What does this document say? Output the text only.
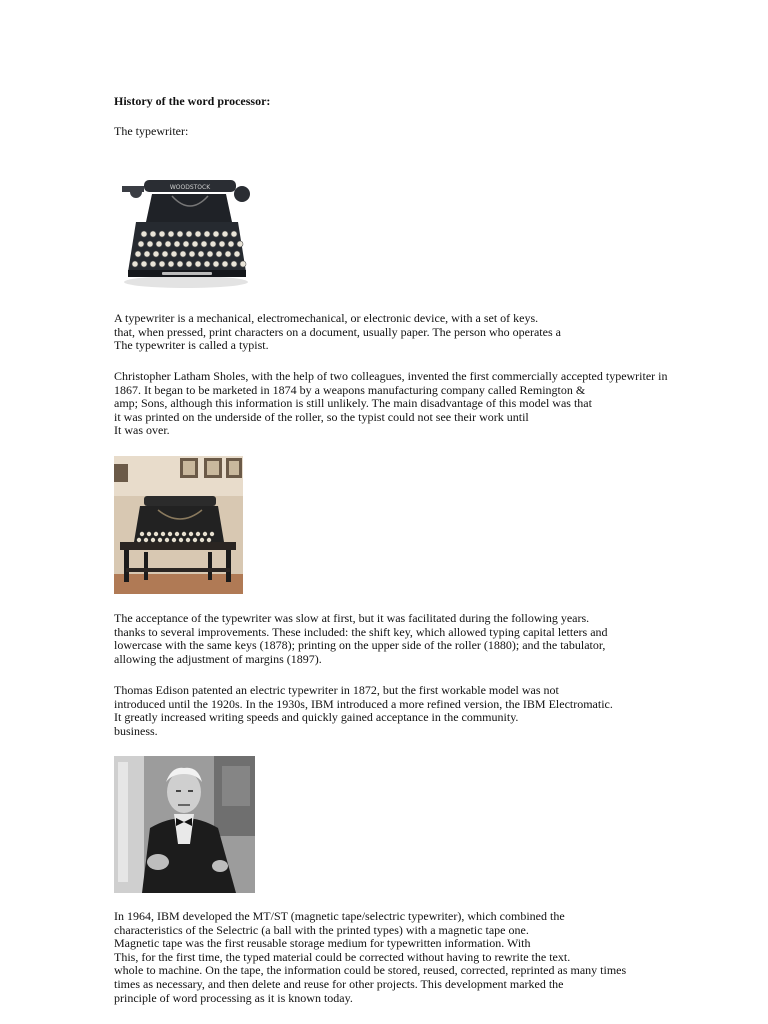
History of the word processor:
The typewriter:
WOODSTOCK
A typewriter is a mechanical, electromechanical, or electronic device, with a set of keys.
that, when pressed, print characters on a document, usually paper. The person who operates a
The typewriter is called a typist.
Christopher Latham Sholes, with the help of two colleagues, invented the first commercially accepted typewriter in
1867. It began to be marketed in 1874 by a weapons manufacturing company called Remington &
amp; Sons, although this information is still unlikely. The main disadvantage of this model was that
it was printed on the underside of the roller, so the typist could not see their work until
It was over.
The acceptance of the typewriter was slow at first, but it was facilitated during the following years.
thanks to several improvements. These included: the shift key, which allowed typing capital letters and
lowercase with the same keys (1878); printing on the upper side of the roller (1880); and the tabulator,
allowing the adjustment of margins (1897).
Thomas Edison patented an electric typewriter in 1872, but the first workable model was not
introduced until the 1920s. In the 1930s, IBM introduced a more refined version, the IBM Electromatic.
It greatly increased writing speeds and quickly gained acceptance in the community.
business.
In 1964, IBM developed the MT/ST (magnetic tape/selectric typewriter), which combined the
characteristics of the Selectric (a ball with the printed types) with a magnetic tape one.
Magnetic tape was the first reusable storage medium for typewritten information. With
This, for the first time, the typed material could be corrected without having to rewrite the text.
whole to machine. On the tape, the information could be stored, reused, corrected, reprinted as many times
times as necessary, and then delete and reuse for other projects. This development marked the
principle of word processing as it is known today.
